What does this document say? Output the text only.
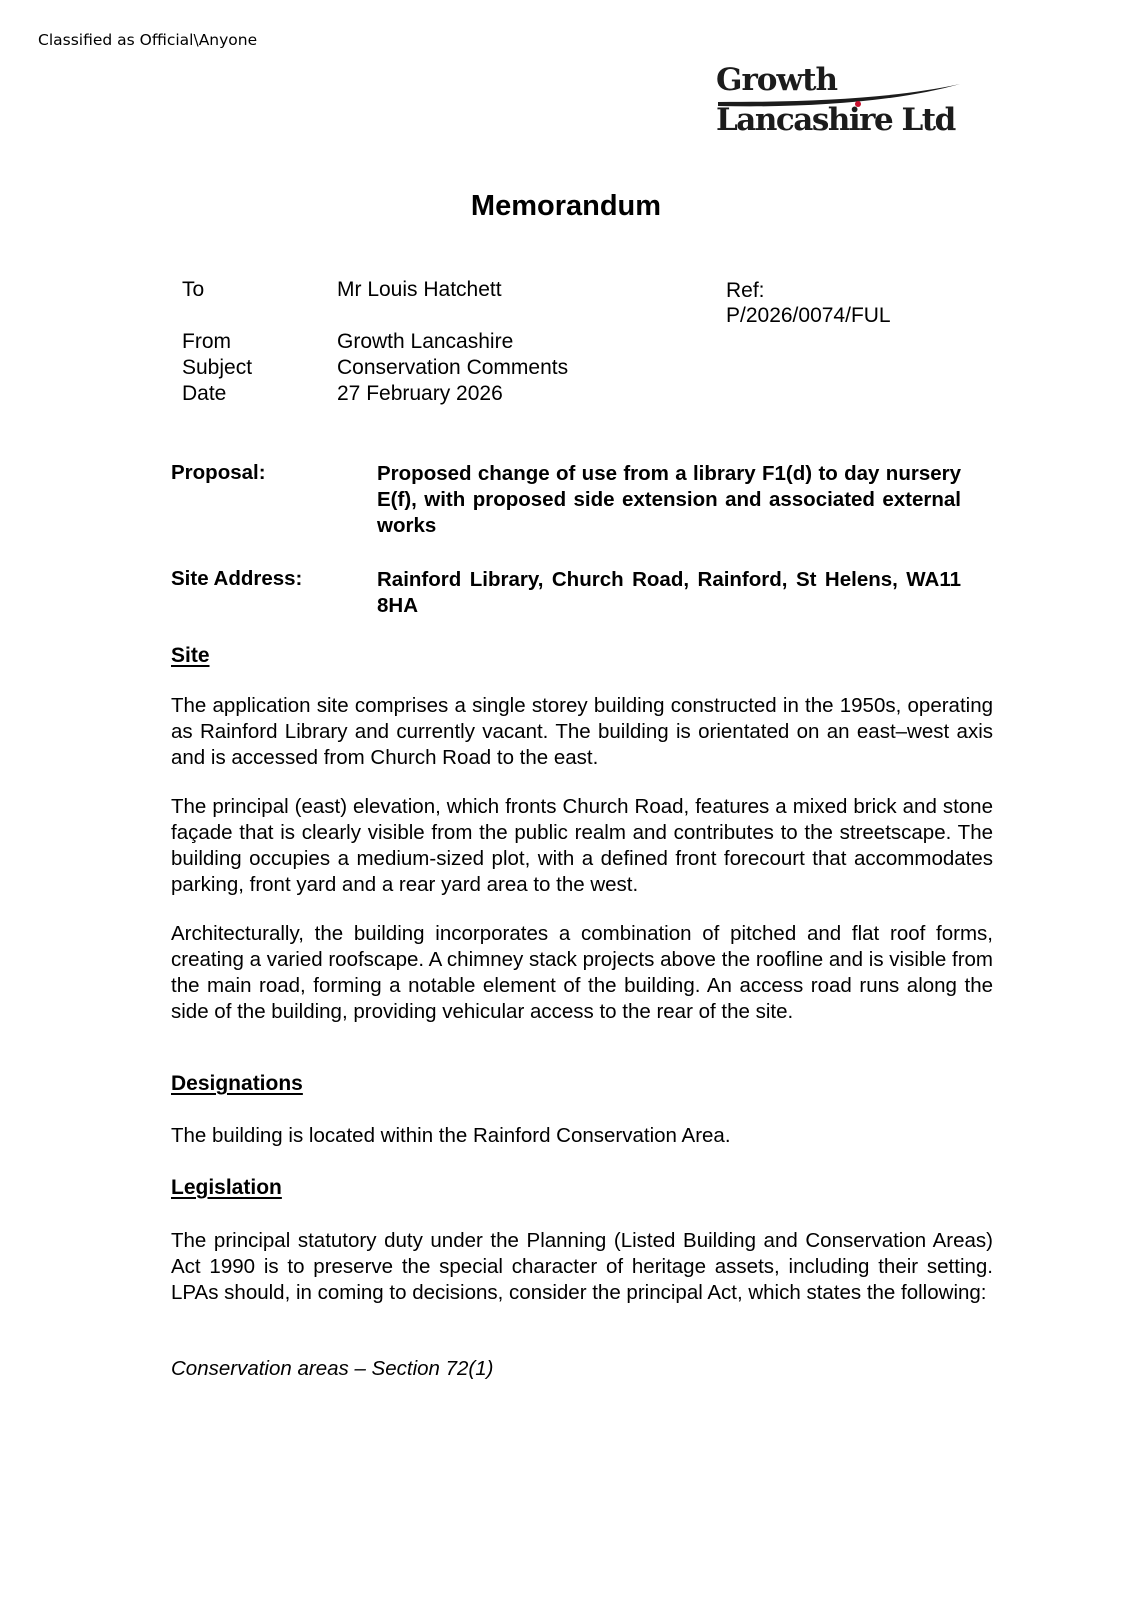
Classified as Official\Anyone
Growth
Lancashire Ltd
Memorandum
To	Mr Louis Hatchett	Ref:
P/2026/0074/FUL
From	Growth Lancashire
Subject	Conservation Comments
Date	27 February 2026
Proposal:	Proposed change of use from a library F1(d) to day nursery E(f), with proposed side extension and associated external works
Site Address:	Rainford Library, Church Road, Rainford, St Helens, WA11 8HA
Site
The application site comprises a single storey building constructed in the 1950s, operating as Rainford Library and currently vacant. The building is orientated on an east–west axis and is accessed from Church Road to the east.
The principal (east) elevation, which fronts Church Road, features a mixed brick and stone façade that is clearly visible from the public realm and contributes to the streetscape. The building occupies a medium-sized plot, with a defined front forecourt that accommodates parking, front yard and a rear yard area to the west.
Architecturally, the building incorporates a combination of pitched and flat roof forms, creating a varied roofscape. A chimney stack projects above the roofline and is visible from the main road, forming a notable element of the building. An access road runs along the side of the building, providing vehicular access to the rear of the site.
Designations
The building is located within the Rainford Conservation Area.
Legislation
The principal statutory duty under the Planning (Listed Building and Conservation Areas) Act 1990 is to preserve the special character of heritage assets, including their setting. LPAs should, in coming to decisions, consider the principal Act, which states the following:
Conservation areas – Section 72(1)
